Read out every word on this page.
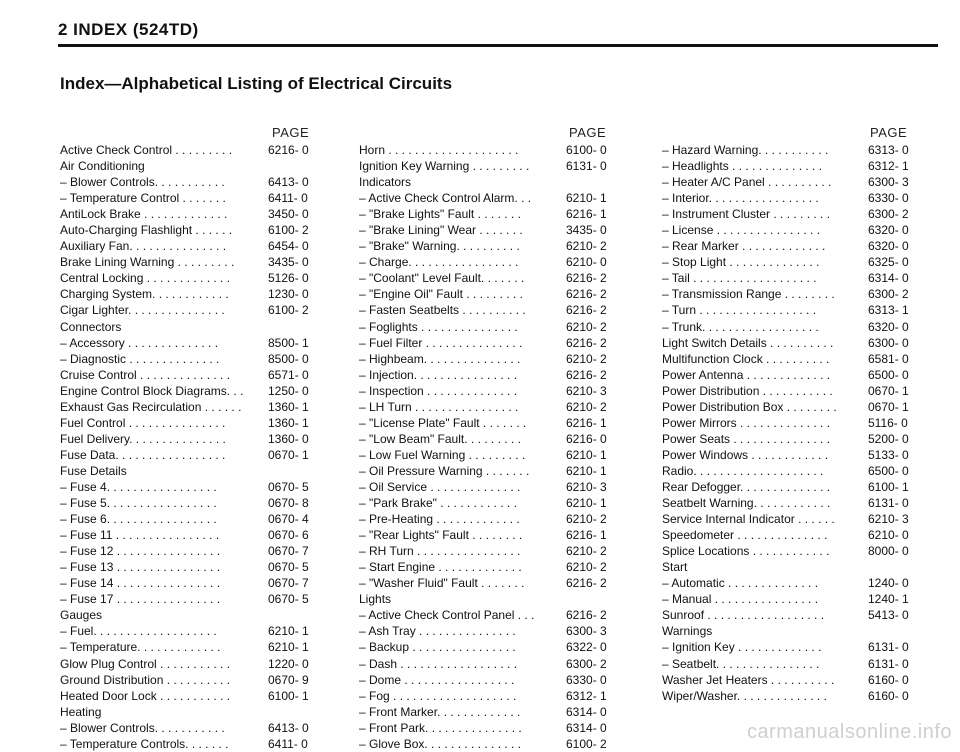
2 INDEX (524TD)
Index—Alphabetical Listing of Electrical Circuits
PAGE
Active Check Control . . . . . . . . .	6216- 0
Air Conditioning
– Blower Controls. . . . . . . . . . .	6413- 0
– Temperature Control . . . . . . .	6411- 0
AntiLock Brake . . . . . . . . . . . . .	3450- 0
Auto-Charging Flashlight . . . . . .	6100- 2
Auxiliary Fan. . . . . . . . . . . . . . .	6454- 0
Brake Lining Warning . . . . . . . . .	3435- 0
Central Locking . . . . . . . . . . . . .	5126- 0
Charging System. . . . . . . . . . . .	1230- 0
Cigar Lighter. . . . . . . . . . . . . . .	6100- 2
Connectors
– Accessory . . . . . . . . . . . . . .	8500- 1
– Diagnostic . . . . . . . . . . . . . .	8500- 0
Cruise Control . . . . . . . . . . . . . .	6571- 0
Engine Control Block Diagrams. . .	1250- 0
Exhaust Gas Recirculation . . . . . .	1360- 1
Fuel Control . . . . . . . . . . . . . . .	1360- 1
Fuel Delivery. . . . . . . . . . . . . . .	1360- 0
Fuse Data. . . . . . . . . . . . . . . . .	0670- 1
Fuse Details
– Fuse 4. . . . . . . . . . . . . . . . .	0670- 5
– Fuse 5. . . . . . . . . . . . . . . . .	0670- 8
– Fuse 6. . . . . . . . . . . . . . . . .	0670- 4
– Fuse 11 . . . . . . . . . . . . . . . .	0670- 6
– Fuse 12 . . . . . . . . . . . . . . . .	0670- 7
– Fuse 13 . . . . . . . . . . . . . . . .	0670- 5
– Fuse 14 . . . . . . . . . . . . . . . .	0670- 7
– Fuse 17 . . . . . . . . . . . . . . . .	0670- 5
Gauges
– Fuel. . . . . . . . . . . . . . . . . . .	6210- 1
– Temperature. . . . . . . . . . . . .	6210- 1
Glow Plug Control . . . . . . . . . . .	1220- 0
Ground Distribution . . . . . . . . . .	0670- 9
Heated Door Lock . . . . . . . . . . .	6100- 1
Heating
– Blower Controls. . . . . . . . . . .	6413- 0
– Temperature Controls. . . . . . .	6411- 0
PAGE
Horn . . . . . . . . . . . . . . . . . . . .	6100- 0
Ignition Key Warning . . . . . . . . .	6131- 0
Indicators
– Active Check Control Alarm. . .	6210- 1
– "Brake Lights" Fault . . . . . . .	6216- 1
– "Brake Lining" Wear . . . . . . .	3435- 0
– "Brake" Warning. . . . . . . . . .	6210- 2
– Charge. . . . . . . . . . . . . . . . .	6210- 0
– "Coolant" Level Fault. . . . . . .	6216- 2
– "Engine Oil" Fault . . . . . . . . .	6216- 2
– Fasten Seatbelts . . . . . . . . . .	6216- 2
– Foglights . . . . . . . . . . . . . . .	6210- 2
– Fuel Filter . . . . . . . . . . . . . . .	6216- 2
– Highbeam. . . . . . . . . . . . . . .	6210- 2
– Injection. . . . . . . . . . . . . . . .	6216- 2
– Inspection . . . . . . . . . . . . . .	6210- 3
– LH Turn . . . . . . . . . . . . . . . .	6210- 2
– "License Plate" Fault . . . . . . .	6216- 1
– "Low Beam" Fault. . . . . . . . .	6216- 0
– Low Fuel Warning . . . . . . . . .	6210- 1
– Oil Pressure Warning . . . . . . .	6210- 1
– Oil Service . . . . . . . . . . . . . .	6210- 3
– "Park Brake" . . . . . . . . . . . .	6210- 1
– Pre-Heating . . . . . . . . . . . . .	6210- 2
– "Rear Lights" Fault . . . . . . . .	6216- 1
– RH Turn . . . . . . . . . . . . . . . .	6210- 2
– Start Engine . . . . . . . . . . . . .	6210- 2
– "Washer Fluid" Fault . . . . . . .	6216- 2
Lights
– Active Check Control Panel . . .	6216- 2
– Ash Tray . . . . . . . . . . . . . . .	6300- 3
– Backup . . . . . . . . . . . . . . . .	6322- 0
– Dash . . . . . . . . . . . . . . . . . .	6300- 2
– Dome . . . . . . . . . . . . . . . . .	6330- 0
– Fog . . . . . . . . . . . . . . . . . . .	6312- 1
– Front Marker. . . . . . . . . . . . .	6314- 0
– Front Park. . . . . . . . . . . . . . .	6314- 0
– Glove Box. . . . . . . . . . . . . . .	6100- 2
PAGE
– Hazard Warning. . . . . . . . . . .	6313- 0
– Headlights . . . . . . . . . . . . . .	6312- 1
– Heater A/C Panel . . . . . . . . . .	6300- 3
– Interior. . . . . . . . . . . . . . . . .	6330- 0
– Instrument Cluster . . . . . . . . .	6300- 2
– License . . . . . . . . . . . . . . . .	6320- 0
– Rear Marker . . . . . . . . . . . . .	6320- 0
– Stop Light . . . . . . . . . . . . . .	6325- 0
– Tail . . . . . . . . . . . . . . . . . . .	6314- 0
– Transmission Range . . . . . . . .	6300- 2
– Turn . . . . . . . . . . . . . . . . . .	6313- 1
– Trunk. . . . . . . . . . . . . . . . . .	6320- 0
Light Switch Details . . . . . . . . . .	6300- 0
Multifunction Clock . . . . . . . . . .	6581- 0
Power Antenna . . . . . . . . . . . . .	6500- 0
Power Distribution . . . . . . . . . . .	0670- 1
Power Distribution Box . . . . . . . .	0670- 1
Power Mirrors . . . . . . . . . . . . . .	5116- 0
Power Seats . . . . . . . . . . . . . . .	5200- 0
Power Windows . . . . . . . . . . . .	5133- 0
Radio. . . . . . . . . . . . . . . . . . . .	6500- 0
Rear Defogger. . . . . . . . . . . . . .	6100- 1
Seatbelt Warning. . . . . . . . . . . .	6131- 0
Service Internal Indicator . . . . . .	6210- 3
Speedometer . . . . . . . . . . . . . .	6210- 0
Splice Locations . . . . . . . . . . . .	8000- 0
Start
– Automatic . . . . . . . . . . . . . .	1240- 0
– Manual . . . . . . . . . . . . . . . .	1240- 1
Sunroof . . . . . . . . . . . . . . . . . .	5413- 0
Warnings
– Ignition Key . . . . . . . . . . . . .	6131- 0
– Seatbelt. . . . . . . . . . . . . . . .	6131- 0
Washer Jet Heaters . . . . . . . . . .	6160- 0
Wiper/Washer. . . . . . . . . . . . . .	6160- 0
carmanualsonline.info
